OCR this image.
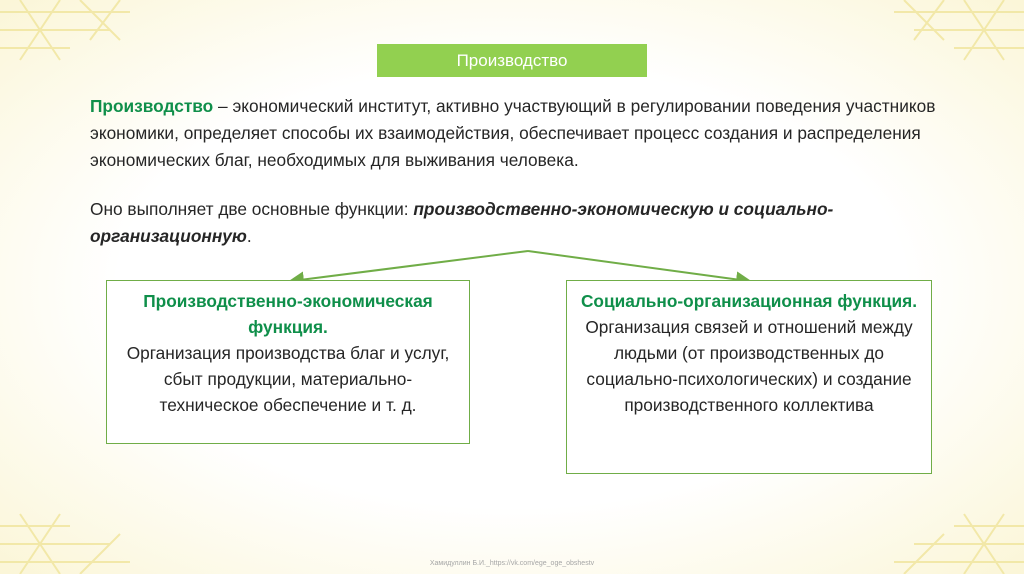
Производство
Производство – экономический институт, активно участвующий в регулировании поведения участников экономики, определяет способы их взаимодействия, обеспечивает процесс создания и распределения экономических благ, необходимых для выживания человека.
Оно выполняет две основные функции: производственно-экономическую и социально-организационную.
Производственно-экономическая функция.
Организация производства благ и услуг, сбыт продукции, материально-техническое обеспечение и т. д.
Социально-организационная функция.
Организация связей и отношений между людьми (от производственных до социально-психологических) и создание производственного коллектива
Хамидуллин Б.И._https://vk.com/ege_oge_obshestv
